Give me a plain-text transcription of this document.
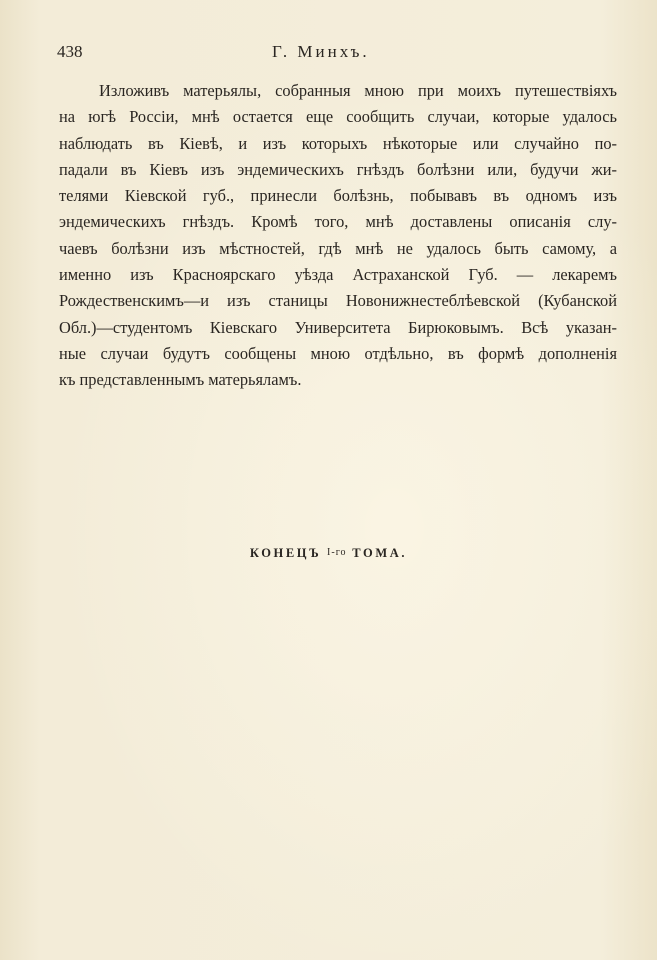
438	Г. Минхъ.
Изложивъ матерьялы, собранныя мною при моихъ путешествiяхъ
на югѣ Россiи, мнѣ остается еще сообщить случаи, которые удалось
наблюдать въ Кiевѣ, и изъ которыхъ нѣкоторые или случайно по-
падали въ Кiевъ изъ эндемическихъ гнѣздъ болѣзни или, будучи жи-
телями Кiевской губ., принесли болѣзнь, побывавъ въ одномъ изъ
эндемическихъ гнѣздъ. Кромѣ того, мнѣ доставлены описанiя слу-
чаевъ болѣзни изъ мѣстностей, гдѣ мнѣ не удалось быть самому, а
именно изъ Красноярскаго уѣзда Астраханской Губ. — лекаремъ
Рождественскимъ—и изъ станицы Новонижнестеблѣевской (Кубанской
Обл.)—студентомъ Кiевскаго Университета Бирюковымъ. Всѣ указан-
ные случаи будутъ сообщены мною отдѣльно, въ формѣ дополненiя
къ представленнымъ матерьяламъ.
КОНЕЦЪ $^{I-го}$ ТОМА.
